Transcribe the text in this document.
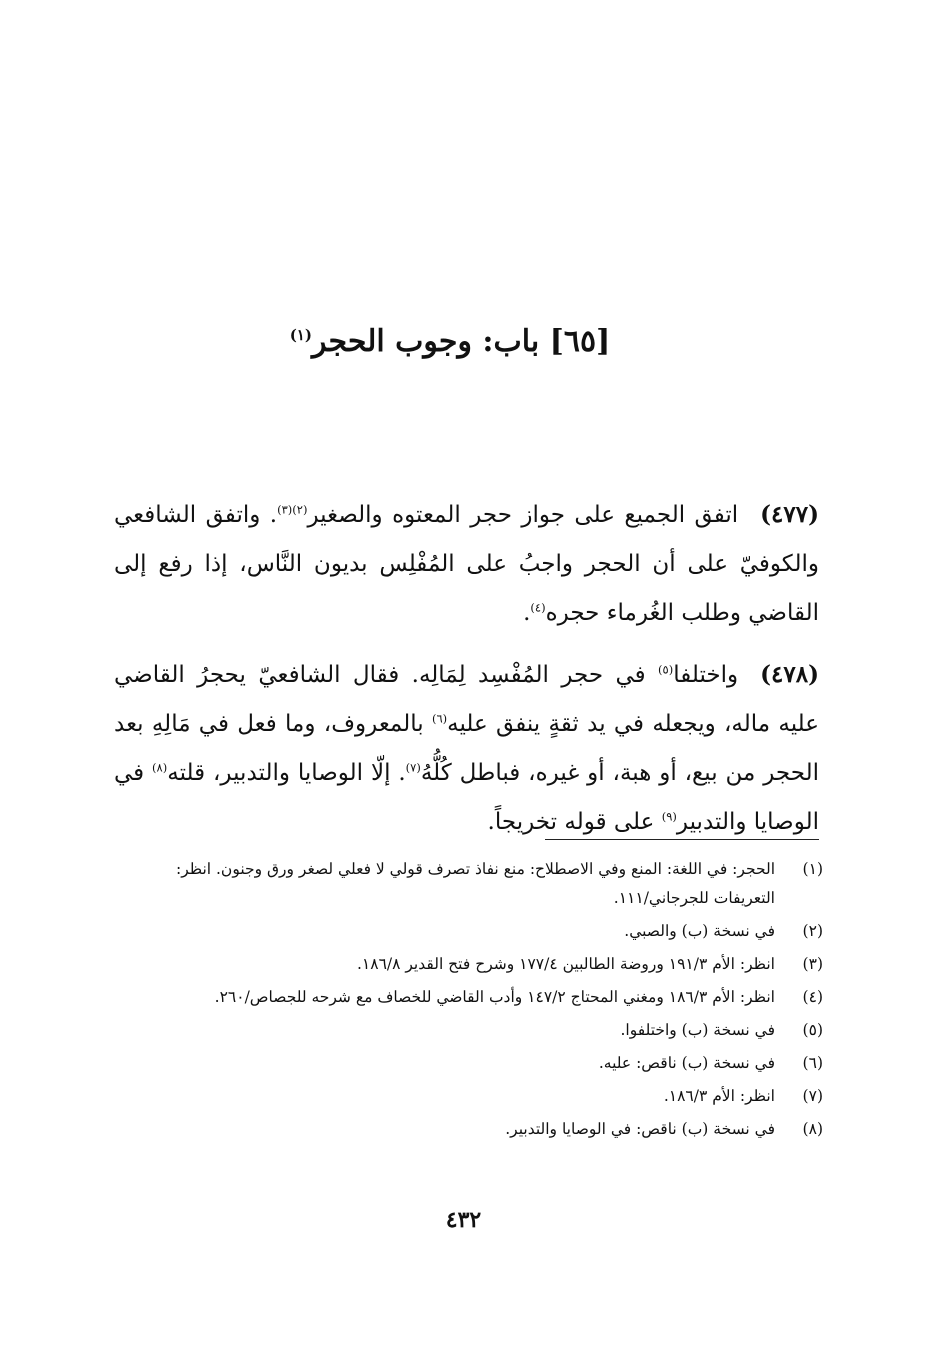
[٦٥] باب: وجوب الحجر$^{(١)}$

(٤٧٧)اتفق الجميع على جواز حجر المعتوه والصغير$^{(٢)(٣)}$. واتفق الشافعي والكوفيّ على أن الحجر واجبُ على المُفْلِس بديون النَّاس، إذا رفع إلى القاضي وطلب الغُرماء حجره$^{(٤)}$.

(٤٧٨)واختلفا$^{(٥)}$ في حجر المُفْسِد لِمَالِه. فقال الشافعيّ يحجرُ القاضي عليه ماله، ويجعله في يد ثقةٍ ينفق عليه$^{(٦)}$ بالمعروف، وما فعل في مَالِهِ بعد الحجر من بيع، أو هبة، أو غيره، فباطل كُلُّهُ$^{(٧)}$. إلّا الوصايا والتدبير، قلته$^{(٨)}$ في الوصايا والتدبير$^{(٩)}$ على قوله تخريجاً.

(١)
الحجر: في اللغة: المنع وفي الاصطلاح: منع نفاذ تصرف قولي لا فعلي لصغر ورق وجنون. انظر: التعريفات للجرجاني/١١١.
(٢)
في نسخة (ب) والصبي.
(٣)
انظر: الأم ١٩١/٣ وروضة الطالبين ١٧٧/٤ وشرح فتح القدير ١٨٦/٨.
(٤)
انظر: الأم ١٨٦/٣ ومغني المحتاج ١٤٧/٢ وأدب القاضي للخصاف مع شرحه للجصاص/٢٦٠.
(٥)
في نسخة (ب) واختلفوا.
(٦)
في نسخة (ب) ناقص: عليه.
(٧)
انظر: الأم ١٨٦/٣.
(٨)
في نسخة (ب) ناقص: في الوصايا والتدبير.
٤٣٢
